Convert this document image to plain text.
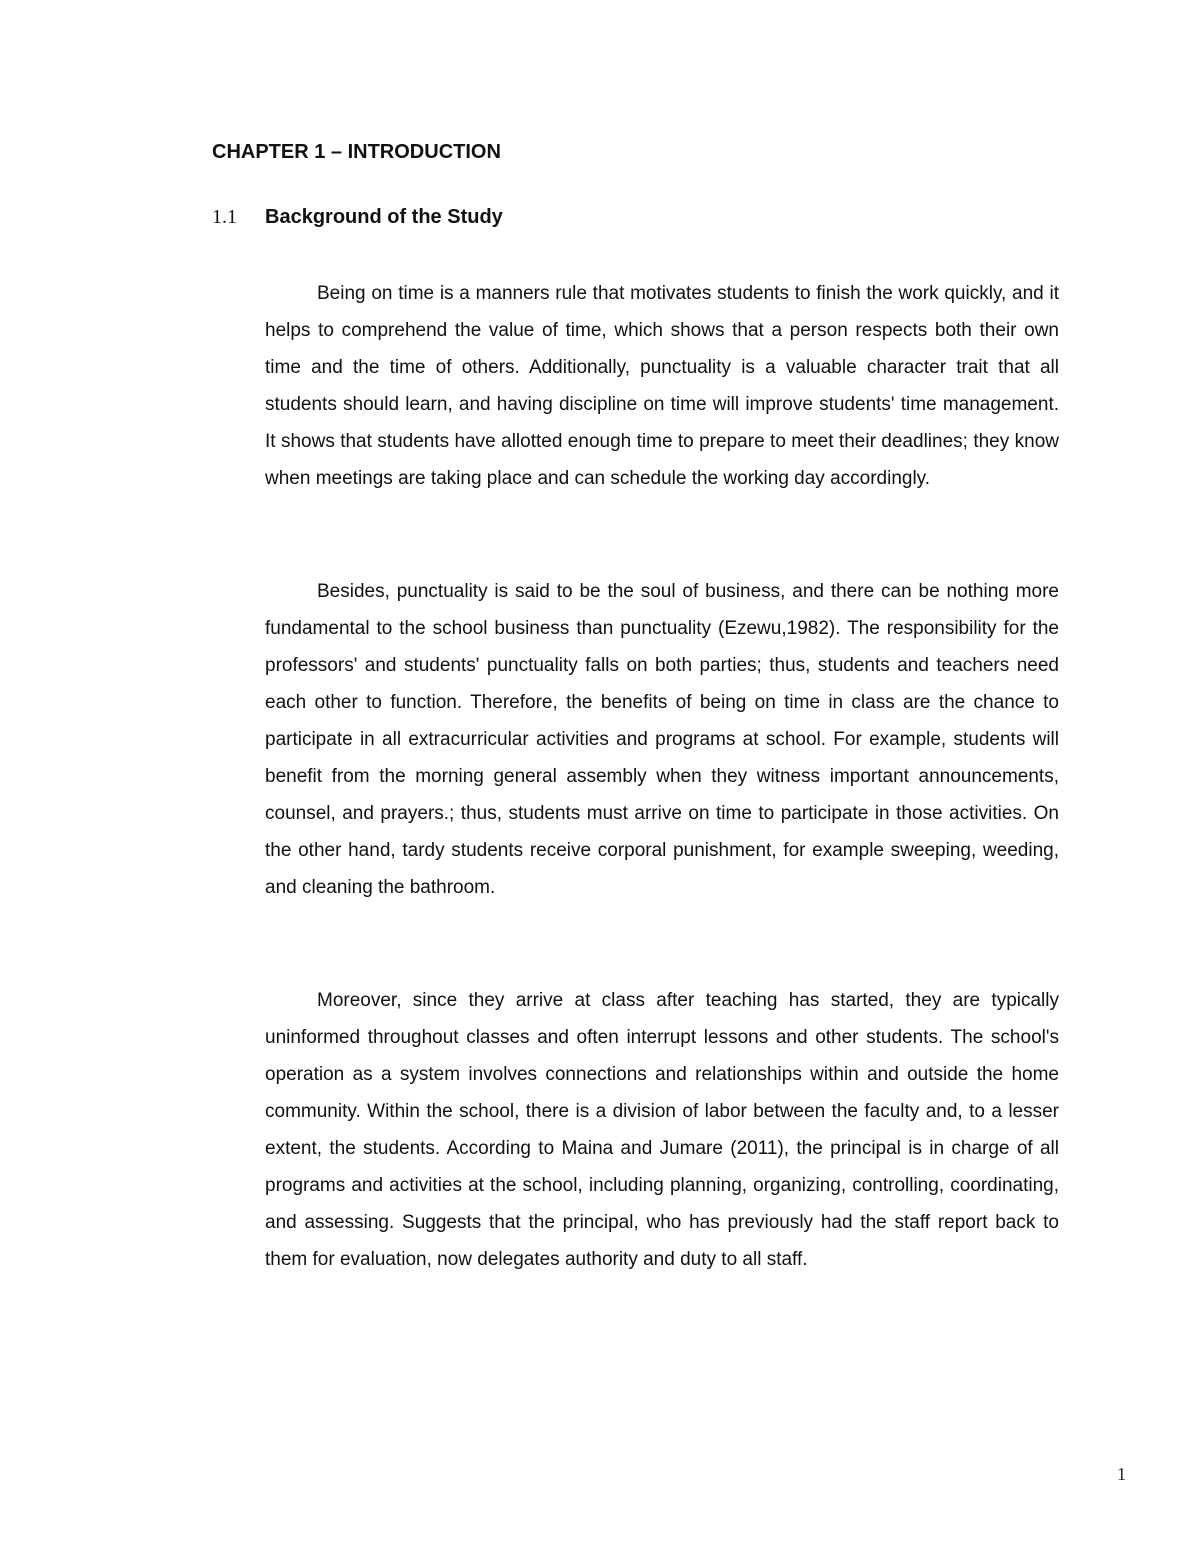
CHAPTER 1 – INTRODUCTION
1.1	Background of the Study

Being on time is a manners rule that motivates students to finish the work quickly, and it helps to comprehend the value of time, which shows that a person respects both their own time and the time of others. Additionally, punctuality is a valuable character trait that all students should learn, and having discipline on time will improve students' time management. It shows that students have allotted enough time to prepare to meet their deadlines; they know when meetings are taking place and can schedule the working day accordingly.

Besides, punctuality is said to be the soul of business, and there can be nothing more fundamental to the school business than punctuality (Ezewu,1982). The responsibility for the professors' and students' punctuality falls on both parties; thus, students and teachers need each other to function. Therefore, the benefits of being on time in class are the chance to participate in all extracurricular activities and programs at school. For example, students will benefit from the morning general assembly when they witness important announcements, counsel, and prayers.; thus, students must arrive on time to participate in those activities. On the other hand, tardy students receive corporal punishment, for example sweeping, weeding, and cleaning the bathroom.

Moreover, since they arrive at class after teaching has started, they are typically uninformed throughout classes and often interrupt lessons and other students. The school's operation as a system involves connections and relationships within and outside the home community. Within the school, there is a division of labor between the faculty and, to a lesser extent, the students. According to Maina and Jumare (2011), the principal is in charge of all programs and activities at the school, including planning, organizing, controlling, coordinating, and assessing. Suggests that the principal, who has previously had the staff report back to them for evaluation, now delegates authority and duty to all staff.

1
